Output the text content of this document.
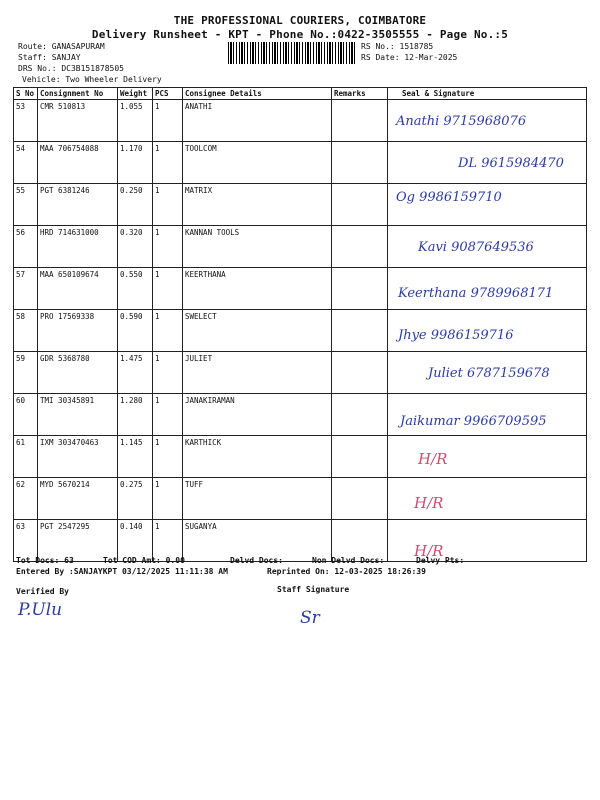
THE PROFESSIONAL COURIERS, COIMBATORE
Delivery Runsheet - KPT - Phone No.:0422-3505555 - Page No.:5
Route: GANASAPURAM
Staff: SANJAY
DRS No.: DC3B151878505
Vehicle: Two Wheeler Delivery
RS No.: 1518785
RS Date: 12-Mar-2025
S No	Consignment No	Weight	PCS	Consignee Details	Remarks	Seal & Signature
53	CMR 510813	1.055	1	ANATHI		Anathi 9715968076

54	MAA 706754088	1.170	1	TOOLCOM		DL 9615984470

55	PGT 6381246	0.250	1	MATRIX		Og 9986159710

56	HRD 714631000	0.320	1	KANNAN TOOLS		Kavi 9087649536

57	MAA 650109674	0.550	1	KEERTHANA		Keerthana 9789968171

58	PRO 17569338	0.590	1	SWELECT		Jhye 9986159716

59	GDR 5368780	1.475	1	JULIET		Juliet 6787159678

60	TMI 30345891	1.280	1	JANAKIRAMAN		Jaikumar 9966709595

61	IXM 303470463	1.145	1	KARTHICK		H/R

62	MYD 5670214	0.275	1	TUFF		H/R

63	PGT 2547295	0.140	1	SUGANYA		H/R
Tot Docs: 63	Tot COD Amt: 0.00	Delvd Docs:	Non Delvd Docs:	Delvy Pts:
Entered By :SANJAYKPT 03/12/2025 11:11:38 AM	Reprinted On: 12-03-2025 18:26:39
Verified By	Staff Signature
P.Ulu	Sr
